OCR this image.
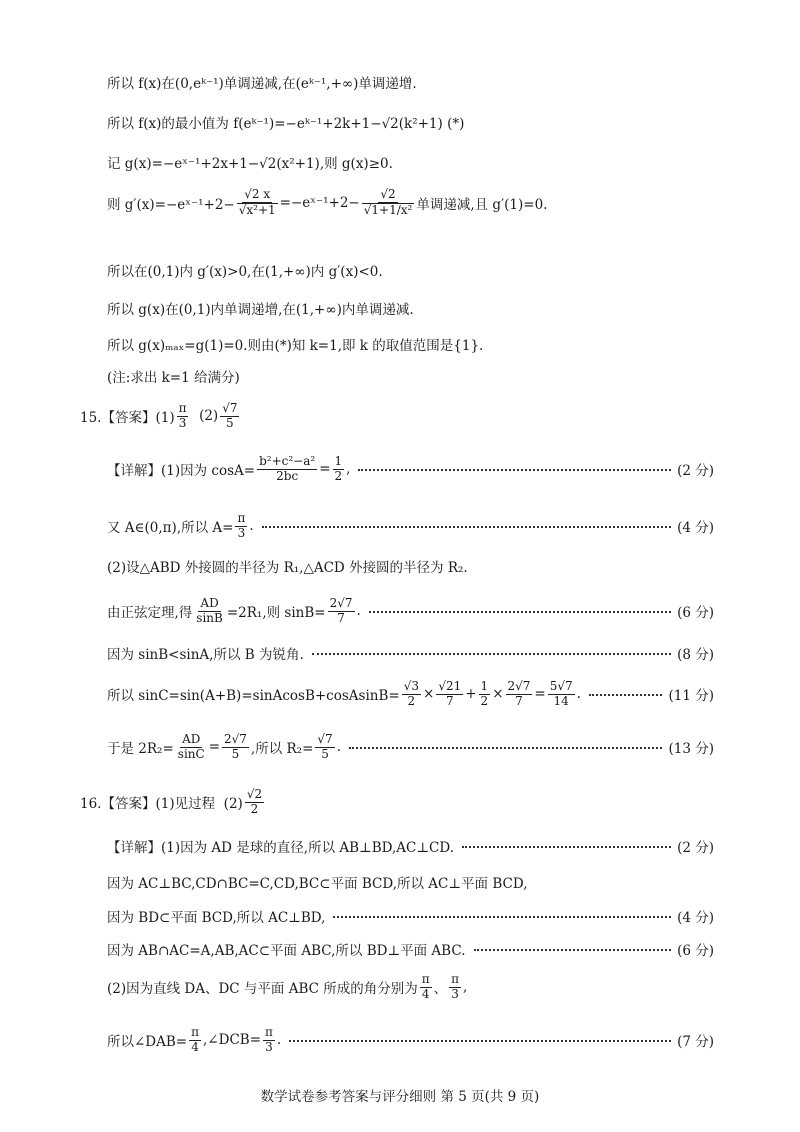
所以 f(x)在(0,eᵏ⁻¹)单调递减,在(eᵏ⁻¹,+∞)单调递增.
所以 f(x)的最小值为 f(eᵏ⁻¹)=−eᵏ⁻¹+2k+1−√2(k²+1) (*)
记 g(x)=−eˣ⁻¹+2x+1−√2(x²+1),则 g(x)≥0.
则 g′(x)=−eˣ⁻¹+2− $\frac{√2 x}{\text{√x²+1}}$ =−eˣ⁻¹+2− $\frac{√2}{\text{√1+1/x²}}$ 单调递减,且 g′(1)=0.
所以在(0,1)内 g′(x)>0,在(1,+∞)内 g′(x)<0.
所以 g(x)在(0,1)内单调递增,在(1,+∞)内单调递减.
所以 g(x)ₘₐₓ=g(1)=0.则由(*)知 k=1,即 k 的取值范围是{1}.
(注:求出 k=1 给满分)
15.【答案】$(1) \frac{\pi}{3} (2) \frac{√7}{5}$
【详解】(1)因为 $\cos A= \frac{\text{b²+c²−a²}}{2bc} = \frac{1}{2}$ ,	(2 分)
又 A∈(0,π),所以 $A= \frac{\pi}{3}$ .	(4 分)
(2)设△ABD 外接圆的半径为 R₁,△ACD 外接圆的半径为 R₂.
由正弦定理,得 $\frac{AD}{\sin B} =2R_1$,则 $\sin B= \frac{2√7}{7}$ .	(6 分)
因为 sinB<sinA,所以 B 为锐角.	(8 分)
所以 sinC=sin(A+B)=sinAcosB+cosAsinB= $\frac{√3}{2} \times \frac{√21}{7} + \frac{1}{2} \times \frac{2√7}{7} = \frac{5√7}{14}$ .	(11 分)
于是 $2R_2= \frac{AD}{\sin C} = \frac{2√7}{5}$ ,所以 $R_2= \frac{√7}{5}$ .	(13 分)
16.【答案】(1)见过程  $(2) \frac{√2}{2}$
【详解】(1)因为 AD 是球的直径,所以 AB⊥BD,AC⊥CD.	(2 分)
因为 AC⊥BC,CD∩BC=C,CD,BC⊂平面 BCD,所以 AC⊥平面 BCD,
因为 BD⊂平面 BCD,所以 AC⊥BD,	(4 分)
因为 AB∩AC=A,AB,AC⊂平面 ABC,所以 BD⊥平面 ABC.	(6 分)
(2)因为直线 DA、DC 与平面 ABC 所成的角分别为 $\frac{\pi}{4}$ 、 $\frac{\pi}{3}$ ,
所以∠DAB= $\frac{\pi}{4}$ ,∠DCB= $\frac{\pi}{3}$ .	(7 分)
数学试卷参考答案与评分细则 第 5 页(共 9 页)
